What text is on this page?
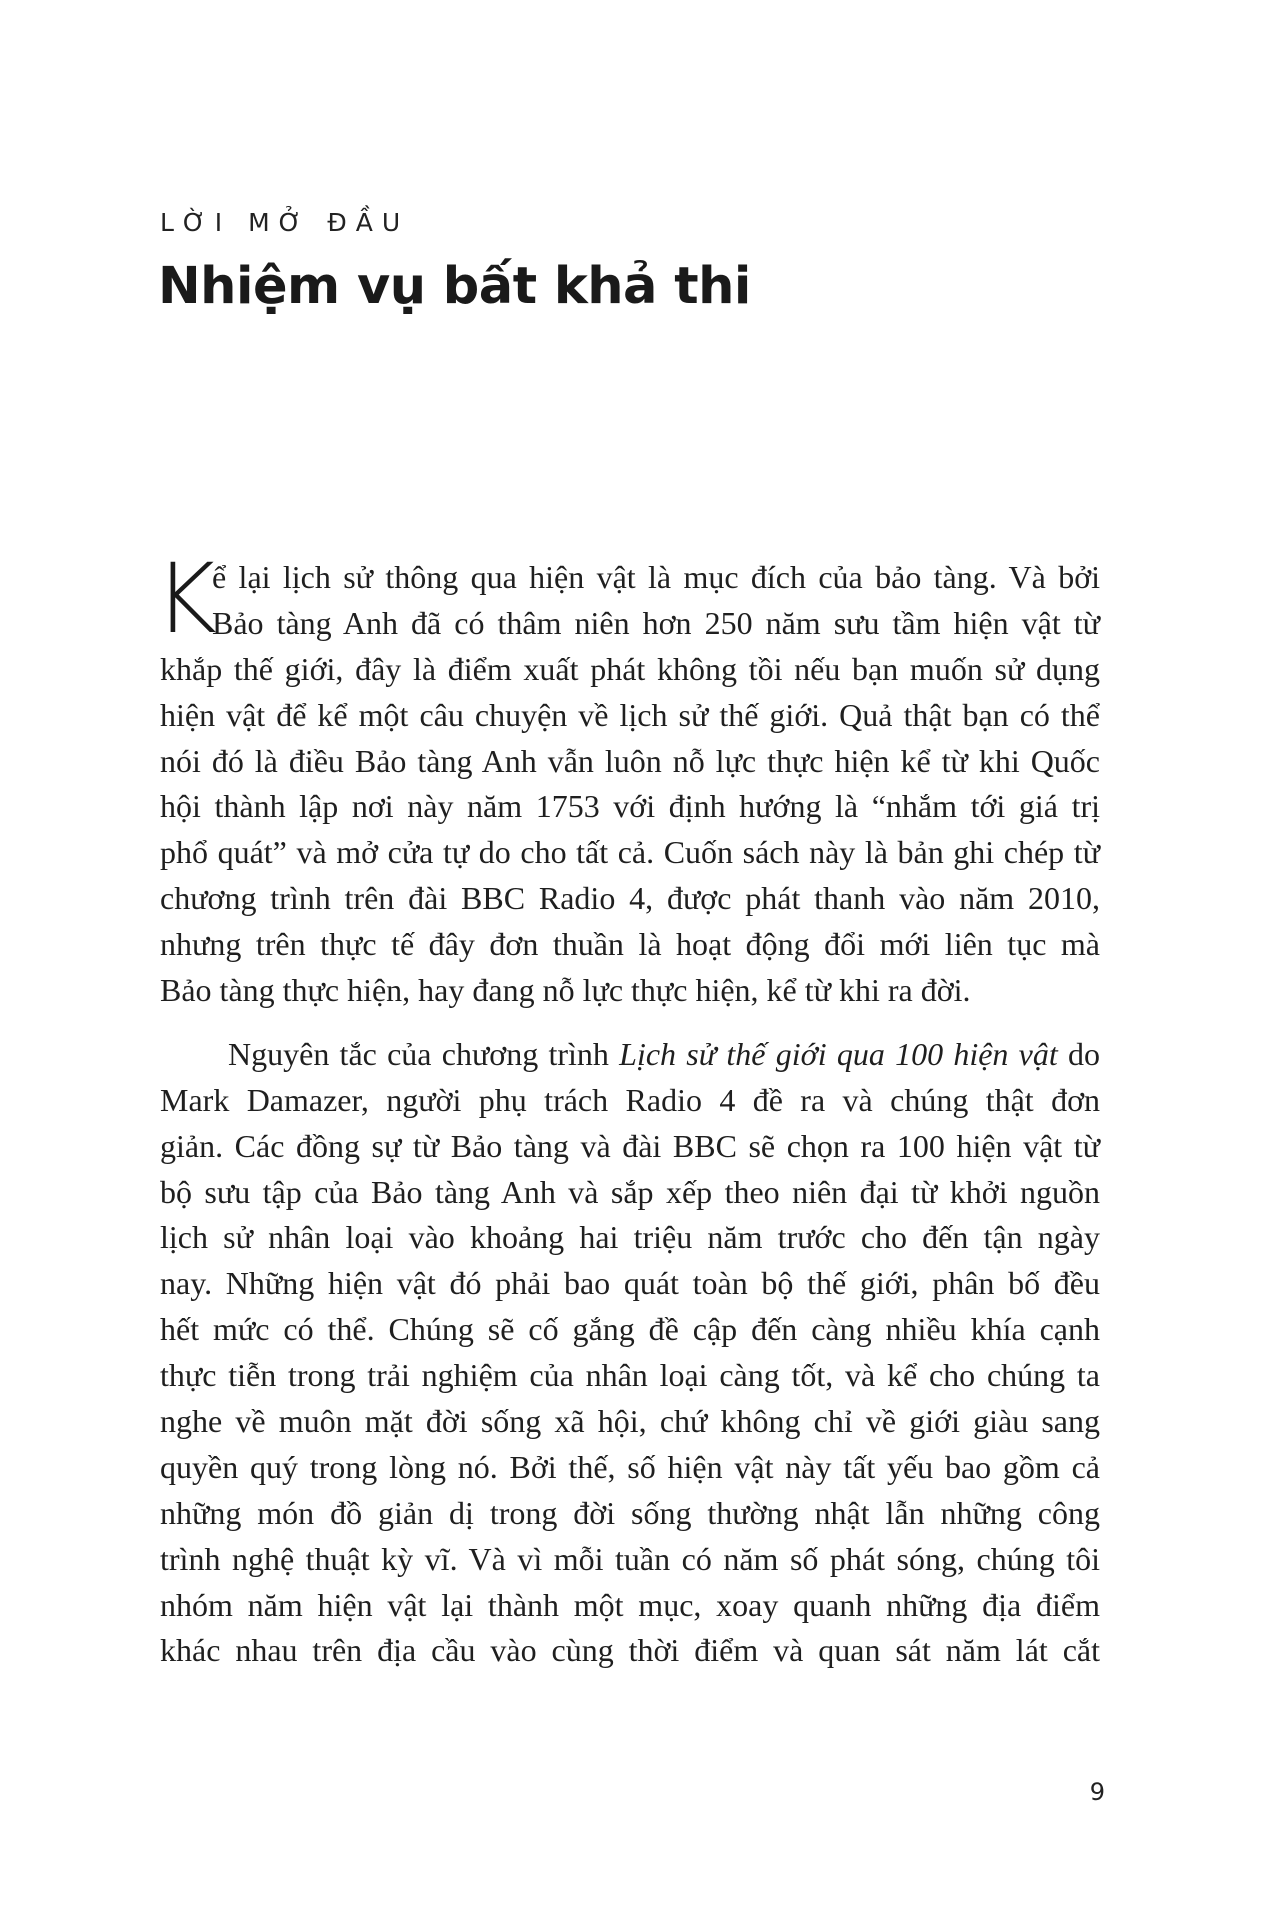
LỜI MỞ ĐẦU
Nhiệm vụ bất khả thi
K
ể lại lịch sử thông qua hiện vật là mục đích của bảo tàng. Và bởi
Bảo tàng Anh đã có thâm niên hơn 250 năm sưu tầm hiện vật từ
khắp thế giới, đây là điểm xuất phát không tồi nếu bạn muốn sử dụng
hiện vật để kể một câu chuyện về lịch sử thế giới. Quả thật bạn có thể
nói đó là điều Bảo tàng Anh vẫn luôn nỗ lực thực hiện kể từ khi Quốc
hội thành lập nơi này năm 1753 với định hướng là “nhắm tới giá trị
phổ quát” và mở cửa tự do cho tất cả. Cuốn sách này là bản ghi chép từ
chương trình trên đài BBC Radio 4, được phát thanh vào năm 2010,
nhưng trên thực tế đây đơn thuần là hoạt động đổi mới liên tục mà
Bảo tàng thực hiện, hay đang nỗ lực thực hiện, kể từ khi ra đời.
Nguyên tắc của chương trình Lịch sử thế giới qua 100 hiện vật do
Mark Damazer, người phụ trách Radio 4 đề ra và chúng thật đơn
giản. Các đồng sự từ Bảo tàng và đài BBC sẽ chọn ra 100 hiện vật từ
bộ sưu tập của Bảo tàng Anh và sắp xếp theo niên đại từ khởi nguồn
lịch sử nhân loại vào khoảng hai triệu năm trước cho đến tận ngày
nay. Những hiện vật đó phải bao quát toàn bộ thế giới, phân bố đều
hết mức có thể. Chúng sẽ cố gắng đề cập đến càng nhiều khía cạnh
thực tiễn trong trải nghiệm của nhân loại càng tốt, và kể cho chúng ta
nghe về muôn mặt đời sống xã hội, chứ không chỉ về giới giàu sang
quyền quý trong lòng nó. Bởi thế, số hiện vật này tất yếu bao gồm cả
những món đồ giản dị trong đời sống thường nhật lẫn những công
trình nghệ thuật kỳ vĩ. Và vì mỗi tuần có năm số phát sóng, chúng tôi
nhóm năm hiện vật lại thành một mục, xoay quanh những địa điểm
khác nhau trên địa cầu vào cùng thời điểm và quan sát năm lát cắt
9
